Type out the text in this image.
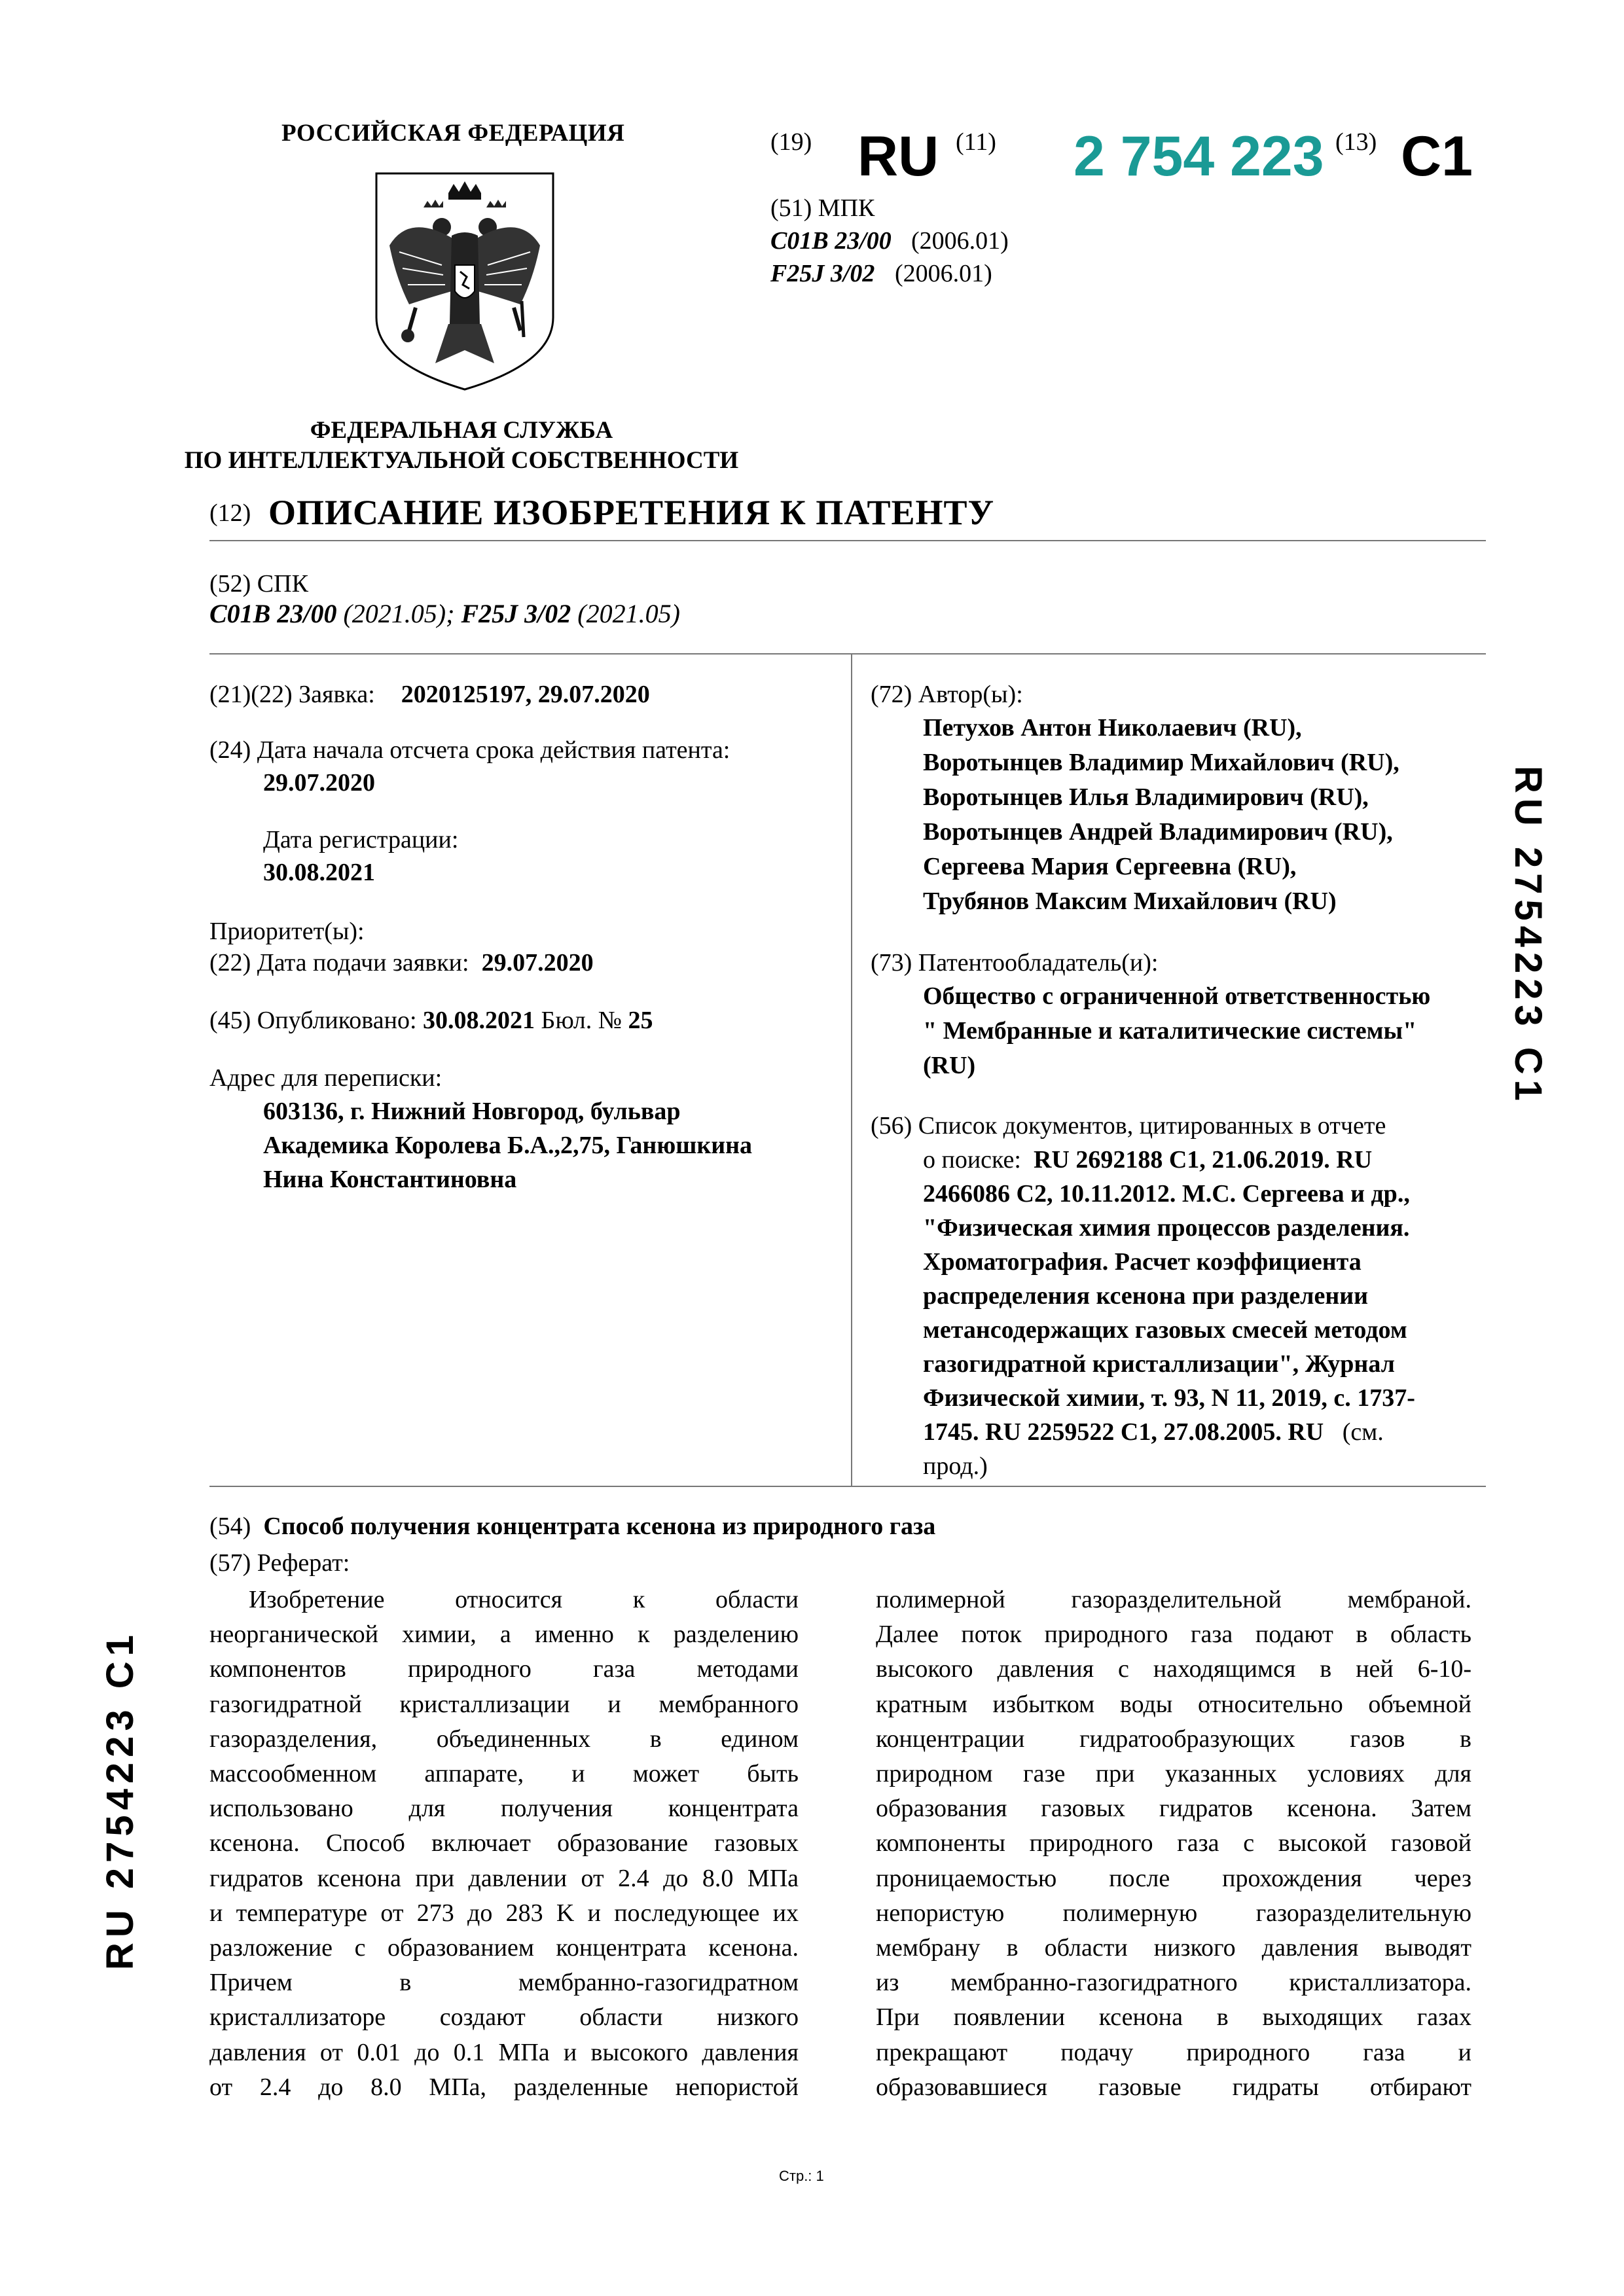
РОССИЙСКАЯ ФЕДЕРАЦИЯ
ФЕДЕРАЛЬНАЯ СЛУЖБА
ПО ИНТЕЛЛЕКТУАЛЬНОЙ СОБСТВЕННОСТИ
(19) RU (11) 2 754 223 (13) C1
(51) МПК
C01B 23/00 (2006.01)
F25J 3/02 (2006.01)
(12) ОПИСАНИЕ ИЗОБРЕТЕНИЯ К ПАТЕНТУ
(52) СПК
C01B 23/00 (2021.05); F25J 3/02 (2021.05)
(21)(22) Заявка: 2020125197, 29.07.2020
(24) Дата начала отсчета срока действия патента:
29.07.2020
Дата регистрации:
30.08.2021
Приоритет(ы):
(22) Дата подачи заявки: 29.07.2020
(45) Опубликовано: 30.08.2021 Бюл. № 25
Адрес для переписки:
603136, г. Нижний Новгород, бульвар
Академика Королева Б.А.,2,75, Ганюшкина
Нина Константиновна
(72) Автор(ы):
Петухов Антон Николаевич (RU),
Воротынцев Владимир Михайлович (RU),
Воротынцев Илья Владимирович (RU),
Воротынцев Андрей Владимирович (RU),
Сергеева Мария Сергеевна (RU),
Трубянов Максим Михайлович (RU)
(73) Патентообладатель(и):
Общество с ограниченной ответственностью
" Мембранные и каталитические системы"
(RU)
(56) Список документов, цитированных в отчете
о поиске: RU 2692188 C1, 21.06.2019. RU
2466086 C2, 10.11.2012. М.С. Сергеева и др.,
"Физическая химия процессов разделения.
Хроматография. Расчет коэффициента
распределения ксенона при разделении
метансодержащих газовых смесей методом
газогидратной кристаллизации", Журнал
Физической химии, т. 93, N 11, 2019, с. 1737-
1745. RU 2259522 C1, 27.08.2005. RU (см.
прод.)
(54) Способ получения концентрата ксенона из природного газа
(57) Реферат:
Изобретение относится к области
неорганической химии, а именно к разделению
компонентов природного газа методами
газогидратной кристаллизации и мембранного
газоразделения, объединенных в едином
массообменном аппарате, и может быть
использовано для получения концентрата
ксенона. Способ включает образование газовых
гидратов ксенона при давлении от 2.4 до 8.0 МПа
и температуре от 273 до 283 K и последующее их
разложение с образованием концентрата ксенона.
Причем в мембранно-газогидратном
кристаллизаторе создают области низкого
давления от 0.01 до 0.1 МПа и высокого давления
от 2.4 до 8.0 МПа, разделенные непористой
полимерной газоразделительной мембраной.
Далее поток природного газа подают в область
высокого давления с находящимся в ней 6-10-
кратным избытком воды относительно объемной
концентрации гидратообразующих газов в
природном газе при указанных условиях для
образования газовых гидратов ксенона. Затем
компоненты природного газа с высокой газовой
проницаемостью после прохождения через
непористую полимерную газоразделительную
мембрану в области низкого давления выводят
из мембранно-газогидратного кристаллизатора.
При появлении ксенона в выходящих газах
прекращают подачу природного газа и
образовавшиеся газовые гидраты отбирают
RU 2754223 C1
RU 2754223 C1
Стр.: 1
